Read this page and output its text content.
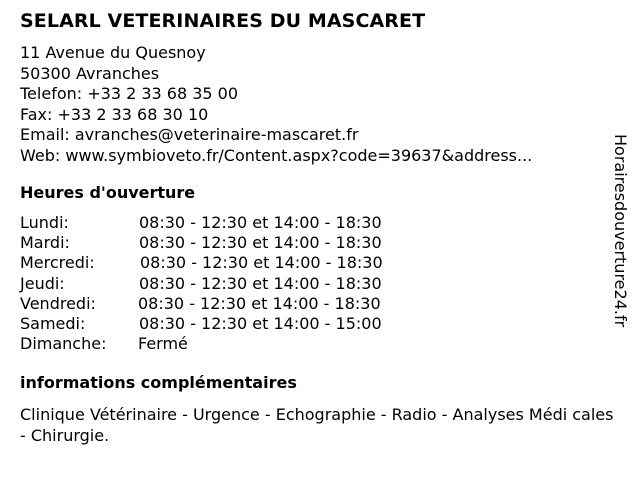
SELARL VETERINAIRES DU MASCARET
11 Avenue du Quesnoy
50300 Avranches
Telefon: +33 2 33 68 35 00
Fax: +33 2 33 68 30 10
Email: avranches@veterinaire-mascaret.fr
Web: www.symbioveto.fr/Content.aspx?code=39637&address...
Heures d'ouverture
Lundi:	08:30 - 12:30 et 14:00 - 18:30
Mardi:	08:30 - 12:30 et 14:00 - 18:30
Mercredi:	08:30 - 12:30 et 14:00 - 18:30
Jeudi:	08:30 - 12:30 et 14:00 - 18:30
Vendredi:	08:30 - 12:30 et 14:00 - 18:30
Samedi:	08:30 - 12:30 et 14:00 - 15:00
Dimanche: Fermé
informations complémentaires
Clinique Vétérinaire - Urgence - Echographie - Radio - Analyses Médi cales - Chirurgie.
Horairesdouverture24.fr
